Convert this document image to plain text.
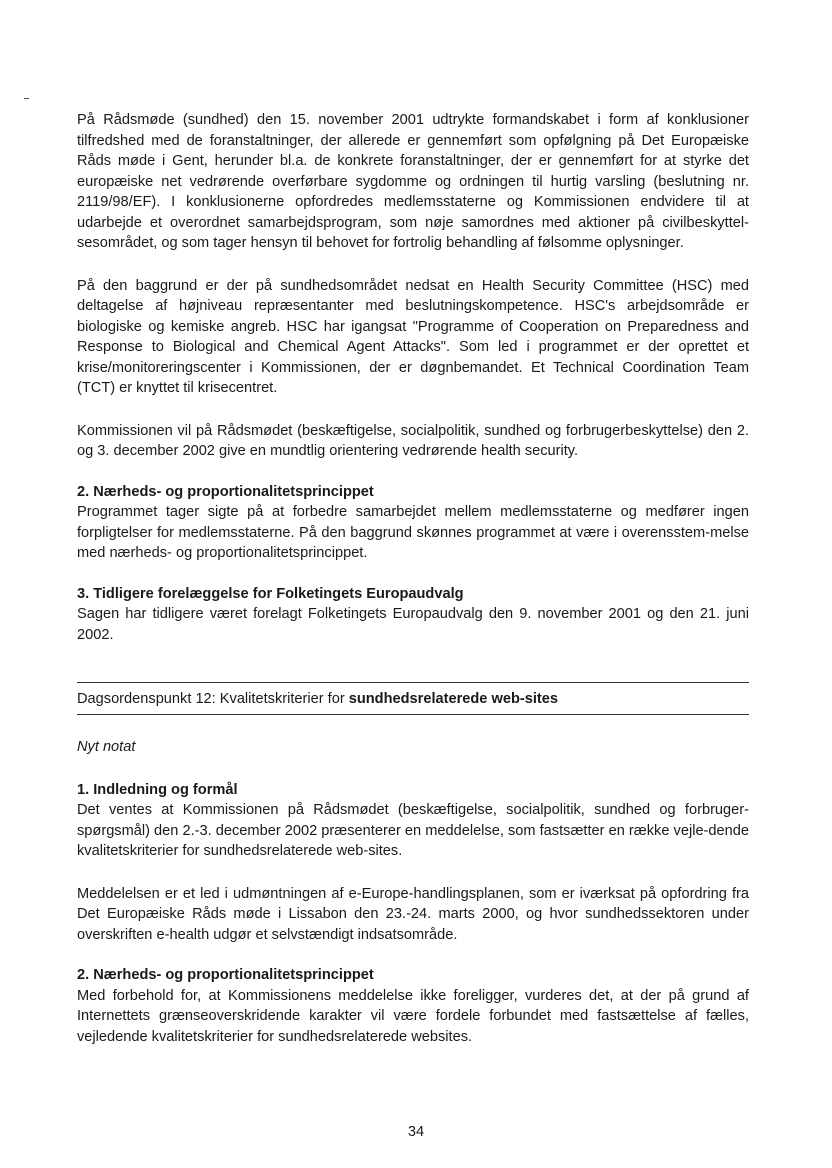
På Rådsmøde (sundhed) den 15. november 2001 udtrykte formandskabet i form af konklusioner tilfredshed med de foranstaltninger, der allerede er gennemført som opfølgning på Det Europæiske Råds møde i Gent, herunder bl.a. de konkrete foranstaltninger, der er gennemført for at styrke det europæiske net vedrørende overførbare sygdomme og ordningen til hurtig varsling (beslutning nr. 2119/98/EF). I konklusionerne opfordredes medlemsstaterne og Kommissionen endvidere til at udarbejde et overordnet samarbejdsprogram, som nøje samordnes med aktioner på civilbeskyttel-sesområdet, og som tager hensyn til behovet for fortrolig behandling af følsomme oplysninger.

På den baggrund er der på sundhedsområdet nedsat en Health Security Committee (HSC) med deltagelse af højniveau repræsentanter med beslutningskompetence. HSC's arbejdsområde er biologiske og kemiske angreb. HSC har igangsat "Programme of Cooperation on Preparedness and Response to Biological and Chemical Agent Attacks". Som led i programmet er der oprettet et krise/monitoreringscenter i Kommissionen, der er døgnbemandet. Et Technical Coordination Team (TCT) er knyttet til krisecentret.

Kommissionen vil på Rådsmødet (beskæftigelse, socialpolitik, sundhed og forbrugerbeskyttelse) den 2. og 3. december 2002 give en mundtlig orientering vedrørende health security.

2. Nærheds- og proportionalitetsprincippet

Programmet tager sigte på at forbedre samarbejdet mellem medlemsstaterne og medfører ingen forpligtelser for medlemsstaterne. På den baggrund skønnes programmet at være i overensstem-melse med nærheds- og proportionalitetsprincippet.

3. Tidligere forelæggelse for Folketingets Europaudvalg

Sagen har tidligere været forelagt Folketingets Europaudvalg den 9. november 2001 og den 21. juni 2002.

Dagsordenspunkt 12: Kvalitetskriterier for sundhedsrelaterede web-sites

Nyt notat

1. Indledning og formål

Det ventes at Kommissionen på Rådsmødet (beskæftigelse, socialpolitik, sundhed og forbruger-spørgsmål) den 2.-3. december 2002 præsenterer en meddelelse, som fastsætter en række vejle-dende kvalitetskriterier for sundhedsrelaterede web-sites.

Meddelelsen er et led i udmøntningen af e-Europe-handlingsplanen, som er iværksat på opfordring fra Det Europæiske Råds møde i Lissabon den 23.-24. marts 2000, og hvor sundhedssektoren under overskriften e-health udgør et selvstændigt indsatsområde.

2. Nærheds- og proportionalitetsprincippet

Med forbehold for, at Kommissionens meddelelse ikke foreligger, vurderes det, at der på grund af Internettets grænseoverskridende karakter vil være fordele forbundet med fastsættelse af fælles, vejledende kvalitetskriterier for sundhedsrelaterede websites.

34
